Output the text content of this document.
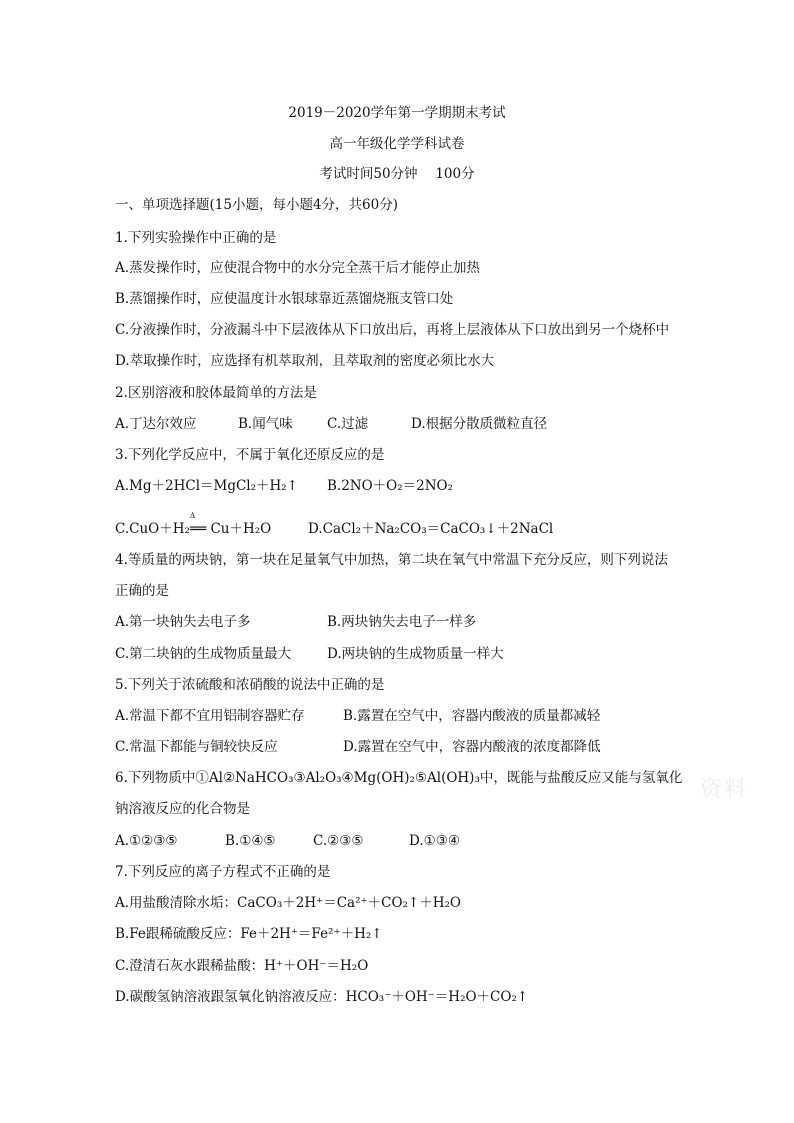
2019－2020学年第一学期期末考试
高一年级化学学科试卷
考试时间50分钟　 100分
一、单项选择题(15小题，每小题4分，共60分)
1.下列实验操作中正确的是
A.蒸发操作时，应使混合物中的水分完全蒸干后才能停止加热
B.蒸馏操作时，应使温度计水银球靠近蒸馏烧瓶支管口处
C.分液操作时，分液漏斗中下层液体从下口放出后，再将上层液体从下口放出到另一个烧杯中
D.萃取操作时，应选择有机萃取剂，且萃取剂的密度必须比水大
2.区别溶液和胶体最简单的方法是
A.丁达尔效应	B.闻气味	C.过滤	D.根据分散质微粒直径
3.下列化学反应中，不属于氧化还原反应的是
A.Mg＋2HCl＝MgCl₂＋H₂↑ B.2NO＋O₂＝2NO₂
Δ
C.CuO＋H₂══ Cu＋H₂O	D.CaCl₂＋Na₂CO₃＝CaCO₃↓＋2NaCl
4.等质量的两块钠，第一块在足量氧气中加热，第二块在氧气中常温下充分反应，则下列说法
正确的是
A.第一块钠失去电子多	B.两块钠失去电子一样多
C.第二块钠的生成物质量最大	D.两块钠的生成物质量一样大
5.下列关于浓硫酸和浓硝酸的说法中正确的是
A.常温下都不宜用铝制容器贮存	B.露置在空气中，容器内酸液的质量都减轻
C.常温下都能与铜较快反应	D.露置在空气中，容器内酸液的浓度都降低
6.下列物质中①Al②NaHCO₃③Al₂O₃④Mg(OH)₂⑤Al(OH)₃中，既能与盐酸反应又能与氢氧化
钠溶液反应的化合物是
A.①②③⑤	B.①④⑤	C.②③⑤	D.①③④
7.下列反应的离子方程式不正确的是
A.用盐酸清除水垢：CaCO₃＋2H⁺＝Ca²⁺＋CO₂↑＋H₂O
B.Fe跟稀硫酸反应：Fe＋2H⁺＝Fe²⁺＋H₂↑
C.澄清石灰水跟稀盐酸：H⁺＋OH⁻＝H₂O
D.碳酸氢钠溶液跟氢氧化钠溶液反应：HCO₃⁻＋OH⁻＝H₂O＋CO₂↑
资料
